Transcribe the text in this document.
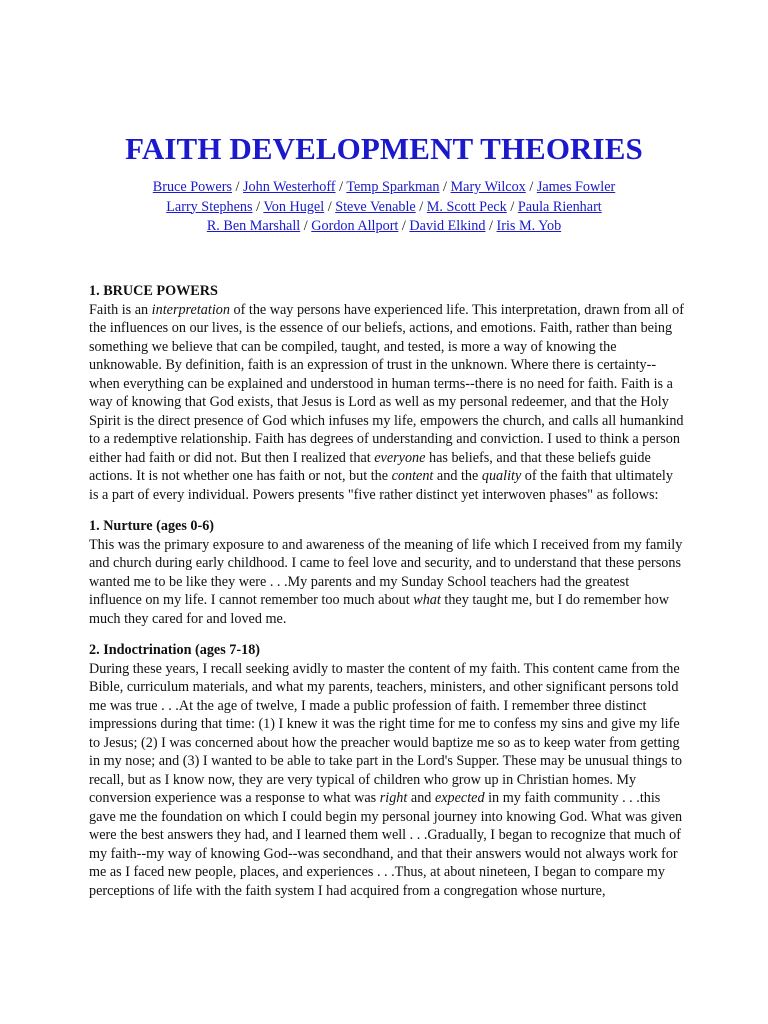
FAITH DEVELOPMENT THEORIES
Bruce Powers / John Westerhoff / Temp Sparkman / Mary Wilcox / James Fowler
Larry Stephens / Von Hugel / Steve Venable / M. Scott Peck / Paula Rienhart
R. Ben Marshall / Gordon Allport / David Elkind / Iris M. Yob
1. BRUCE POWERS

Faith is an interpretation of the way persons have experienced life. This interpretation, drawn from all of the influences on our lives, is the essence of our beliefs, actions, and emotions. Faith, rather than being something we believe that can be compiled, taught, and tested, is more a way of knowing the unknowable. By definition, faith is an expression of trust in the unknown. Where there is certainty--when everything can be explained and understood in human terms--there is no need for faith. Faith is a way of knowing that God exists, that Jesus is Lord as well as my personal redeemer, and that the Holy Spirit is the direct presence of God which infuses my life, empowers the church, and calls all humankind to a redemptive relationship. Faith has degrees of understanding and conviction. I used to think a person either had faith or did not. But then I realized that everyone has beliefs, and that these beliefs guide actions. It is not whether one has faith or not, but the content and the quality of the faith that ultimately is a part of every individual. Powers presents "five rather distinct yet interwoven phases" as follows:

1. Nurture (ages 0-6)

This was the primary exposure to and awareness of the meaning of life which I received from my family and church during early childhood. I came to feel love and security, and to understand that these persons wanted me to be like they were . . .My parents and my Sunday School teachers had the greatest influence on my life. I cannot remember too much about what they taught me, but I do remember how much they cared for and loved me.

2. Indoctrination (ages 7-18)

During these years, I recall seeking avidly to master the content of my faith. This content came from the Bible, curriculum materials, and what my parents, teachers, ministers, and other significant persons told me was true . . .At the age of twelve, I made a public profession of faith. I remember three distinct impressions during that time: (1) I knew it was the right time for me to confess my sins and give my life to Jesus; (2) I was concerned about how the preacher would baptize me so as to keep water from getting in my nose; and (3) I wanted to be able to take part in the Lord's Supper. These may be unusual things to recall, but as I know now, they are very typical of children who grow up in Christian homes. My conversion experience was a response to what was right and expected in my faith community . . .this gave me the foundation on which I could begin my personal journey into knowing God. What was given were the best answers they had, and I learned them well . . .Gradually, I began to recognize that much of my faith--my way of knowing God--was secondhand, and that their answers would not always work for me as I faced new people, places, and experiences . . .Thus, at about nineteen, I began to compare my perceptions of life with the faith system I had acquired from a congregation whose nurture,
